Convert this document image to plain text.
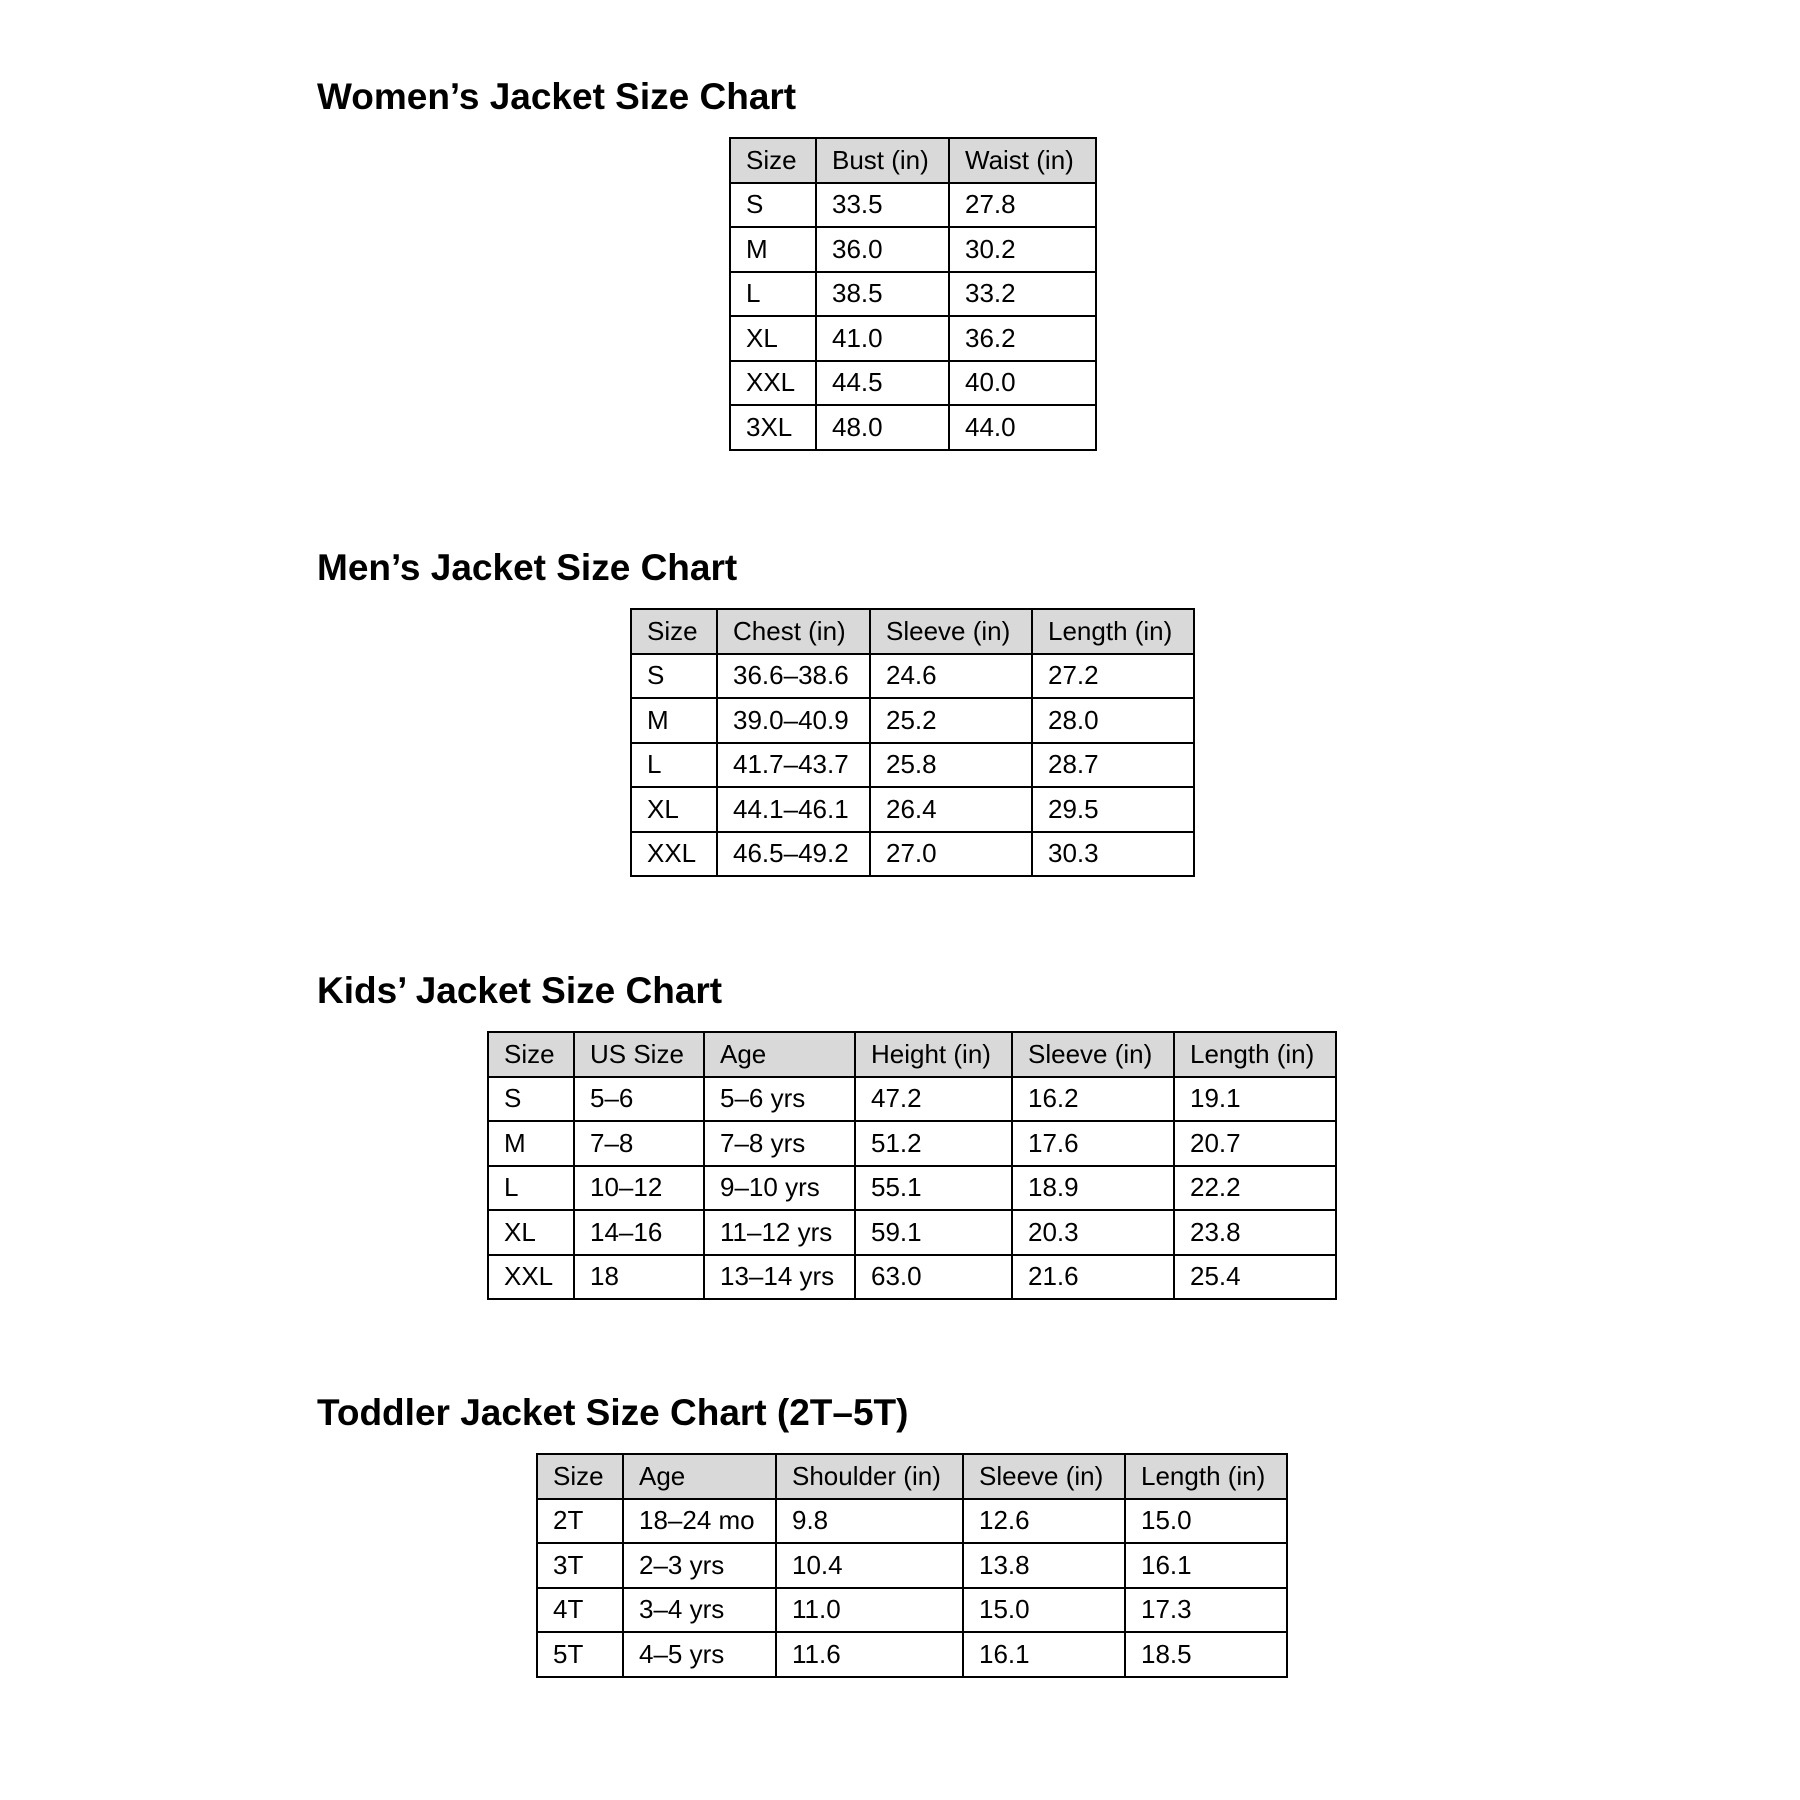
Women’s Jacket Size Chart
Size	Bust (in)	Waist (in)
S	33.5	27.8
M	36.0	30.2
L	38.5	33.2
XL	41.0	36.2
XXL	44.5	40.0
3XL	48.0	44.0
Men’s Jacket Size Chart
Size	Chest (in)	Sleeve (in)	Length (in)
S	36.6–38.6	24.6	27.2
M	39.0–40.9	25.2	28.0
L	41.7–43.7	25.8	28.7
XL	44.1–46.1	26.4	29.5
XXL	46.5–49.2	27.0	30.3
Kids’ Jacket Size Chart
Size	US Size	Age	Height (in)	Sleeve (in)	Length (in)
S	5–6	5–6 yrs	47.2	16.2	19.1
M	7–8	7–8 yrs	51.2	17.6	20.7
L	10–12	9–10 yrs	55.1	18.9	22.2
XL	14–16	11–12 yrs	59.1	20.3	23.8
XXL	18	13–14 yrs	63.0	21.6	25.4
Toddler Jacket Size Chart (2T–5T)
Size	Age	Shoulder (in)	Sleeve (in)	Length (in)
2T	18–24 mo	9.8	12.6	15.0
3T	2–3 yrs	10.4	13.8	16.1
4T	3–4 yrs	11.0	15.0	17.3
5T	4–5 yrs	11.6	16.1	18.5
